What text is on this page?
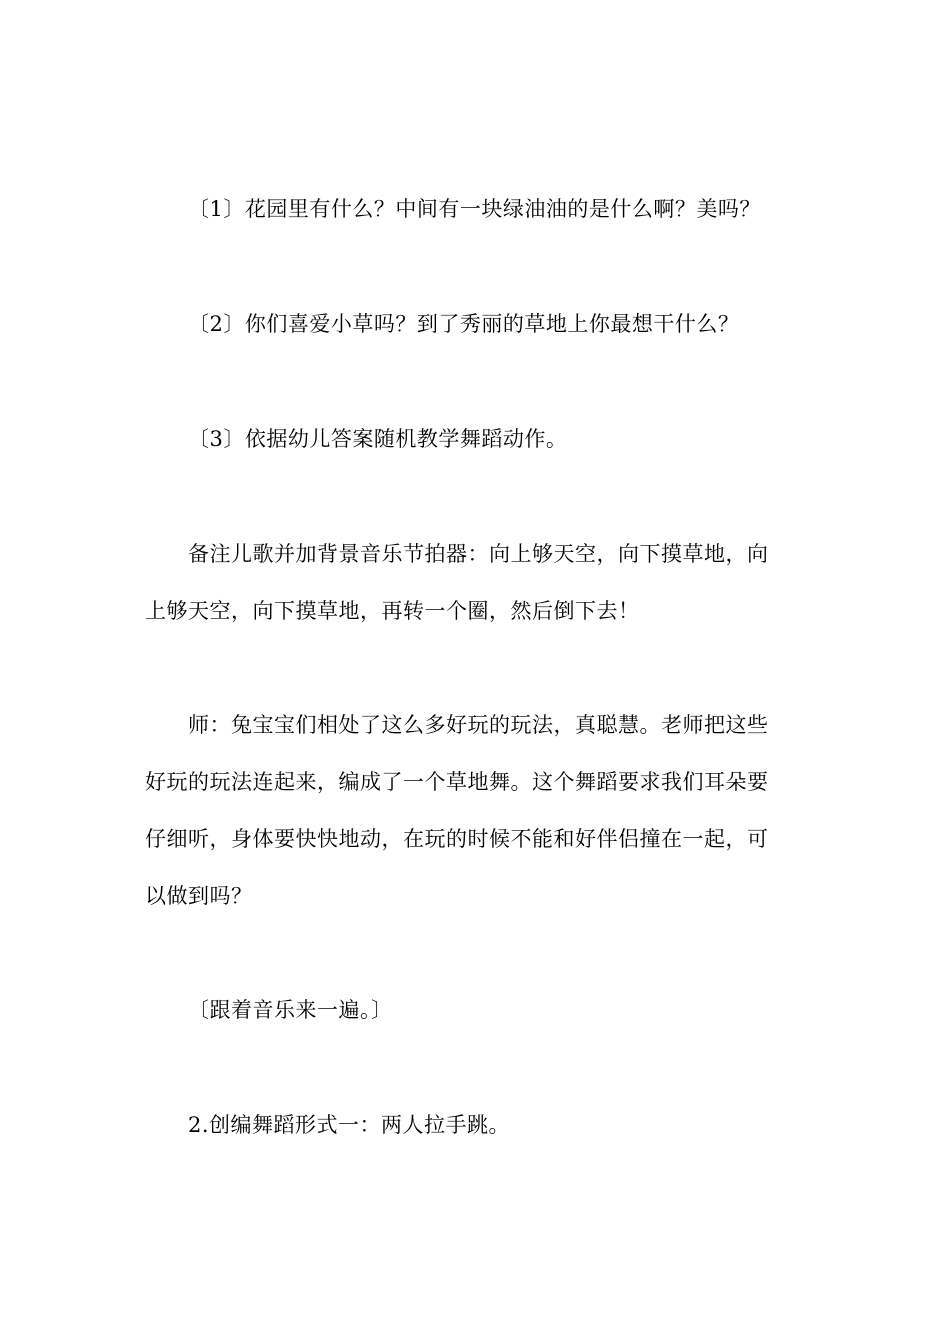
〔1〕花园里有什么？中间有一块绿油油的是什么啊？美吗？
〔2〕你们喜爱小草吗？到了秀丽的草地上你最想干什么？
〔3〕依据幼儿答案随机教学舞蹈动作。
备注儿歌并加背景音乐节拍器：向上够天空，向下摸草地，向
上够天空，向下摸草地，再转一个圈，然后倒下去！
师：兔宝宝们相处了这么多好玩的玩法，真聪慧。老师把这些
好玩的玩法连起来，编成了一个草地舞。这个舞蹈要求我们耳朵要
仔细听，身体要快快地动，在玩的时候不能和好伴侣撞在一起，可
以做到吗？
〔跟着音乐来一遍。〕
2.创编舞蹈形式一：两人拉手跳。
